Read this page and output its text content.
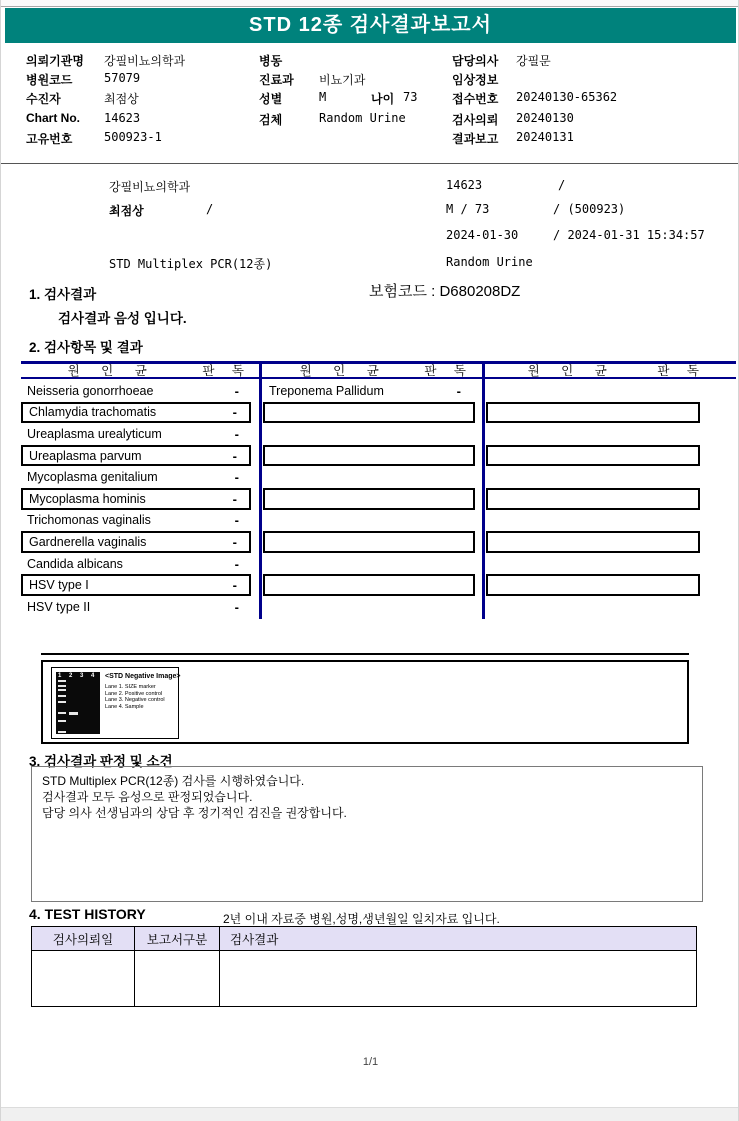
STD 12종 검사결과보고서
의뢰기관명 강필비뇨의학과
병원코드	57079
수진자	최점상
Chart No. 14623
고유번호	500923-1
병동
진료과 비뇨기과
성별	M	나이 73
검체	Random Urine
담당의사 강필문
임상정보
접수번호 20240130-65362
검사의뢰 20240130
결과보고 20240131
강필비뇨의학과	14623	/
최점상	/	M / 73	/ (500923)
2024-01-30	/ 2024-01-31 15:34:57
STD Multiplex PCR(12종)	Random Urine
1. 검사결과	보험코드 : D680208DZ
검사결과 음성 입니다.
2. 검사항목 및 결과
원 인 균	판 독
Neisseria gonorrhoeae	-
Chlamydia trachomatis	-
Ureaplasma urealyticum	-
Ureaplasma parvum	-
Mycoplasma genitalium	-
Mycoplasma hominis	-
Trichomonas vaginalis	-
Gardnerella vaginalis	-
Candida albicans	-
HSV type I	-
HSV type II	-
원 인 균	판 독
Treponema Pallidum	-
원 인 균	판 독
1 2 3 4 <STD Negative Image>
Lane 1. SIZE marker
Lane 2. Positive control
Lane 3. Negative control
Lane 4. Sample
3. 검사결과 판정 및 소견
STD Multiplex PCR(12종) 검사를 시행하였습니다.
검사결과 모두 음성으로 판정되었습니다.
담당 의사 선생님과의 상담 후 정기적인 검진을 권장합니다.
4. TEST HISTORY	2년 이내 자료중 병원,성명,생년월일 일치자료 입니다.
검사의뢰일	보고서구분	검사결과

1/1
